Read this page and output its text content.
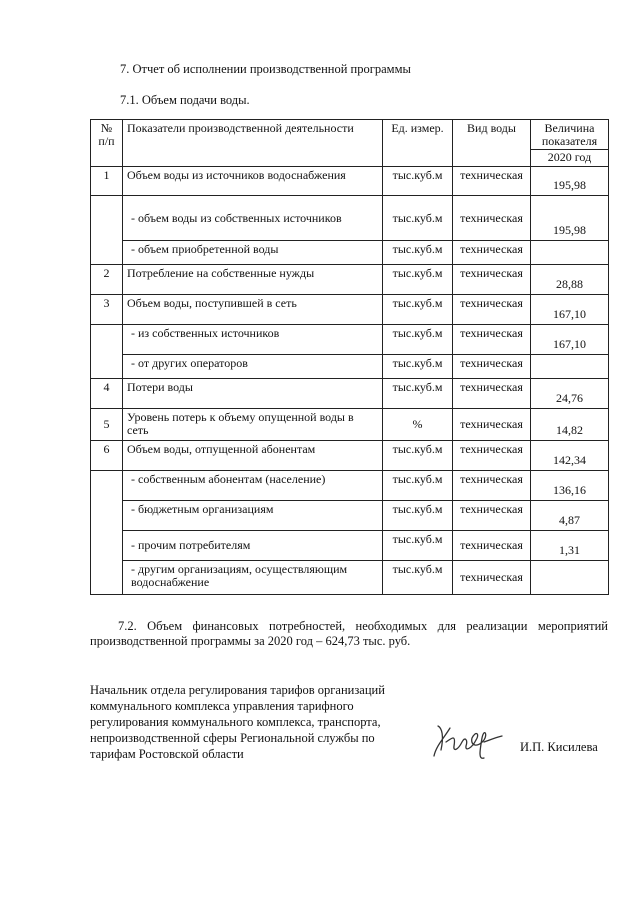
7. Отчет об исполнении производственной программы
7.1. Объем подачи воды.
№ п/п	Показатели производственной деятельности	Ед. измер.	Вид воды	Величина показателя
2020 год

1	Объем воды из источников водоснабжения	тыс.куб.м	техническая	195,98
	- объем воды из собственных источников	тыс.куб.м	техническая	195,98
	- объем приобретенной воды	тыс.куб.м	техническая	
2	Потребление на собственные нужды	тыс.куб.м	техническая	28,88
3	Объем воды, поступившей в сеть	тыс.куб.м	техническая	167,10
	- из собственных источников	тыс.куб.м	техническая	167,10
	- от других операторов	тыс.куб.м	техническая	
4	Потери воды	тыс.куб.м	техническая	24,76
5	Уровень потерь к объему опущенной воды в сеть	%	техническая	14,82
6	Объем воды, отпущенной абонентам	тыс.куб.м	техническая	142,34
	- собственным абонентам (население)	тыс.куб.м	техническая	136,16
	- бюджетным организациям	тыс.куб.м	техническая	4,87
	- прочим потребителям	тыс.куб.м	техническая	1,31
	- другим организациям, осуществляющим водоснабжение	тыс.куб.м	техническая	
7.2. Объем финансовых потребностей, необходимых для реализации мероприятий производственной программы за 2020 год – 624,73 тыс. руб.
Начальник отдела регулирования тарифов организаций коммунального комплекса управления тарифного регулирования коммунального комплекса, транспорта, непроизводственной сферы Региональной службы по тарифам Ростовской области	И.П. Кисилева
